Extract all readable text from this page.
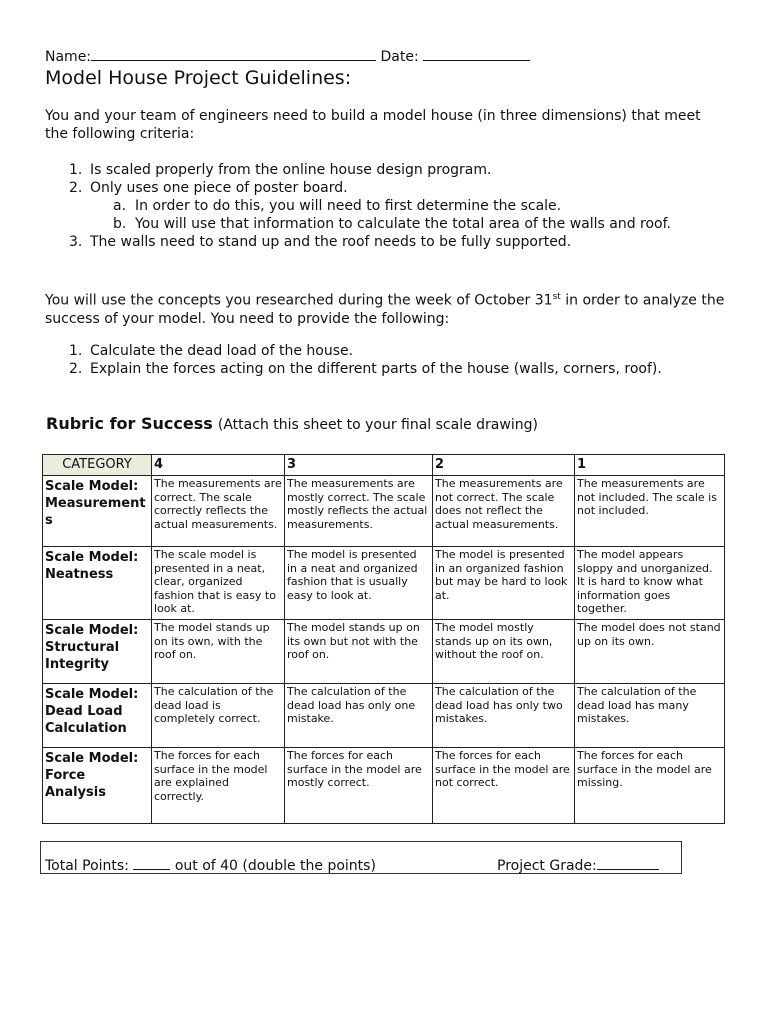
Name:	Date:
Model House Project Guidelines:
You and your team of engineers need to build a model house (in three dimensions) that meet the following criteria:
1. Is scaled properly from the online house design program.
2. Only uses one piece of poster board.
a. In order to do this, you will need to first determine the scale.
b. You will use that information to calculate the total area of the walls and roof.
3. The walls need to stand up and the roof needs to be fully supported.
You will use the concepts you researched during the week of October 31st in order to analyze the success of your model. You need to provide the following:
1. Calculate the dead load of the house.
2. Explain the forces acting on the different parts of the house (walls, corners, roof).
Rubric for Success (Attach this sheet to your final scale drawing)
CATEGORY	4	3	2	1
Scale Model: Measurements	The measurements are correct. The scale correctly reflects the actual measurements.	The measurements are mostly correct. The scale mostly reflects the actual measurements.	The measurements are not correct. The scale does not reflect the actual measurements.	The measurements are not included. The scale is not included.
Scale Model: Neatness	The scale model is presented in a neat, clear, organized fashion that is easy to look at.	The model is presented in a neat and organized fashion that is usually easy to look at.	The model is presented in an organized fashion but may be hard to look at.	The model appears sloppy and unorganized. It is hard to know what information goes together.
Scale Model: Structural Integrity	The model stands up on its own, with the roof on.	The model stands up on its own but not with the roof on.	The model mostly stands up on its own, without the roof on.	The model does not stand up on its own.
Scale Model: Dead Load Calculation	The calculation of the dead load is completely correct.	The calculation of the dead load has only one mistake.	The calculation of the dead load has only two mistakes.	The calculation of the dead load has many mistakes.
Scale Model: Force Analysis	The forces for each surface in the model are explained correctly.	The forces for each surface in the model are mostly correct.	The forces for each surface in the model are not correct.	The forces for each surface in the model are missing.
Total Points:	out of 40 (double the points)	Project Grade:
